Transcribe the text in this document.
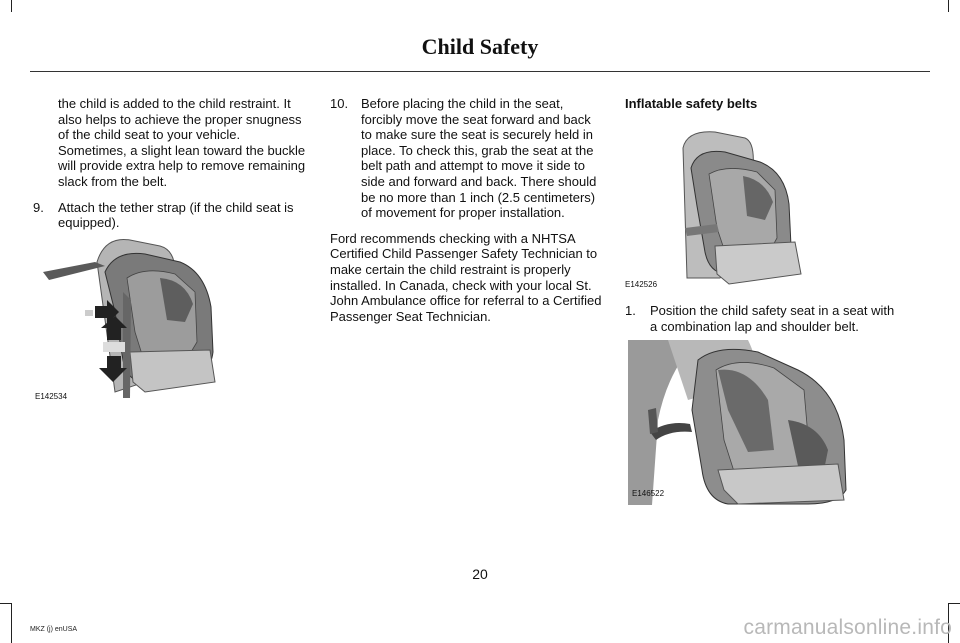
Child Safety

the child is added to the child restraint. It also helps to achieve the proper snugness of the child seat to your vehicle. Sometimes, a slight lean toward the buckle will provide extra help to remove remaining slack from the belt.

9. Attach the tether strap (if the child seat is equipped).
E142534
10. Before placing the child in the seat, forcibly move the seat forward and back to make sure the seat is securely held in place. To check this, grab the seat at the belt path and attempt to move it side to side and forward and back. There should be no more than 1 inch (2.5 centimeters) of movement for proper installation.

Ford recommends checking with a NHTSA Certified Child Passenger Safety Technician to make certain the child restraint is properly installed. In Canada, check with your local St. John Ambulance office for referral to a Certified Passenger Seat Technician.

Inflatable safety belts

E142526
1. Position the child safety seat in a seat with a combination lap and shoulder belt.
E146522
20
MKZ (j) enUSA	carmanualsonline.info
